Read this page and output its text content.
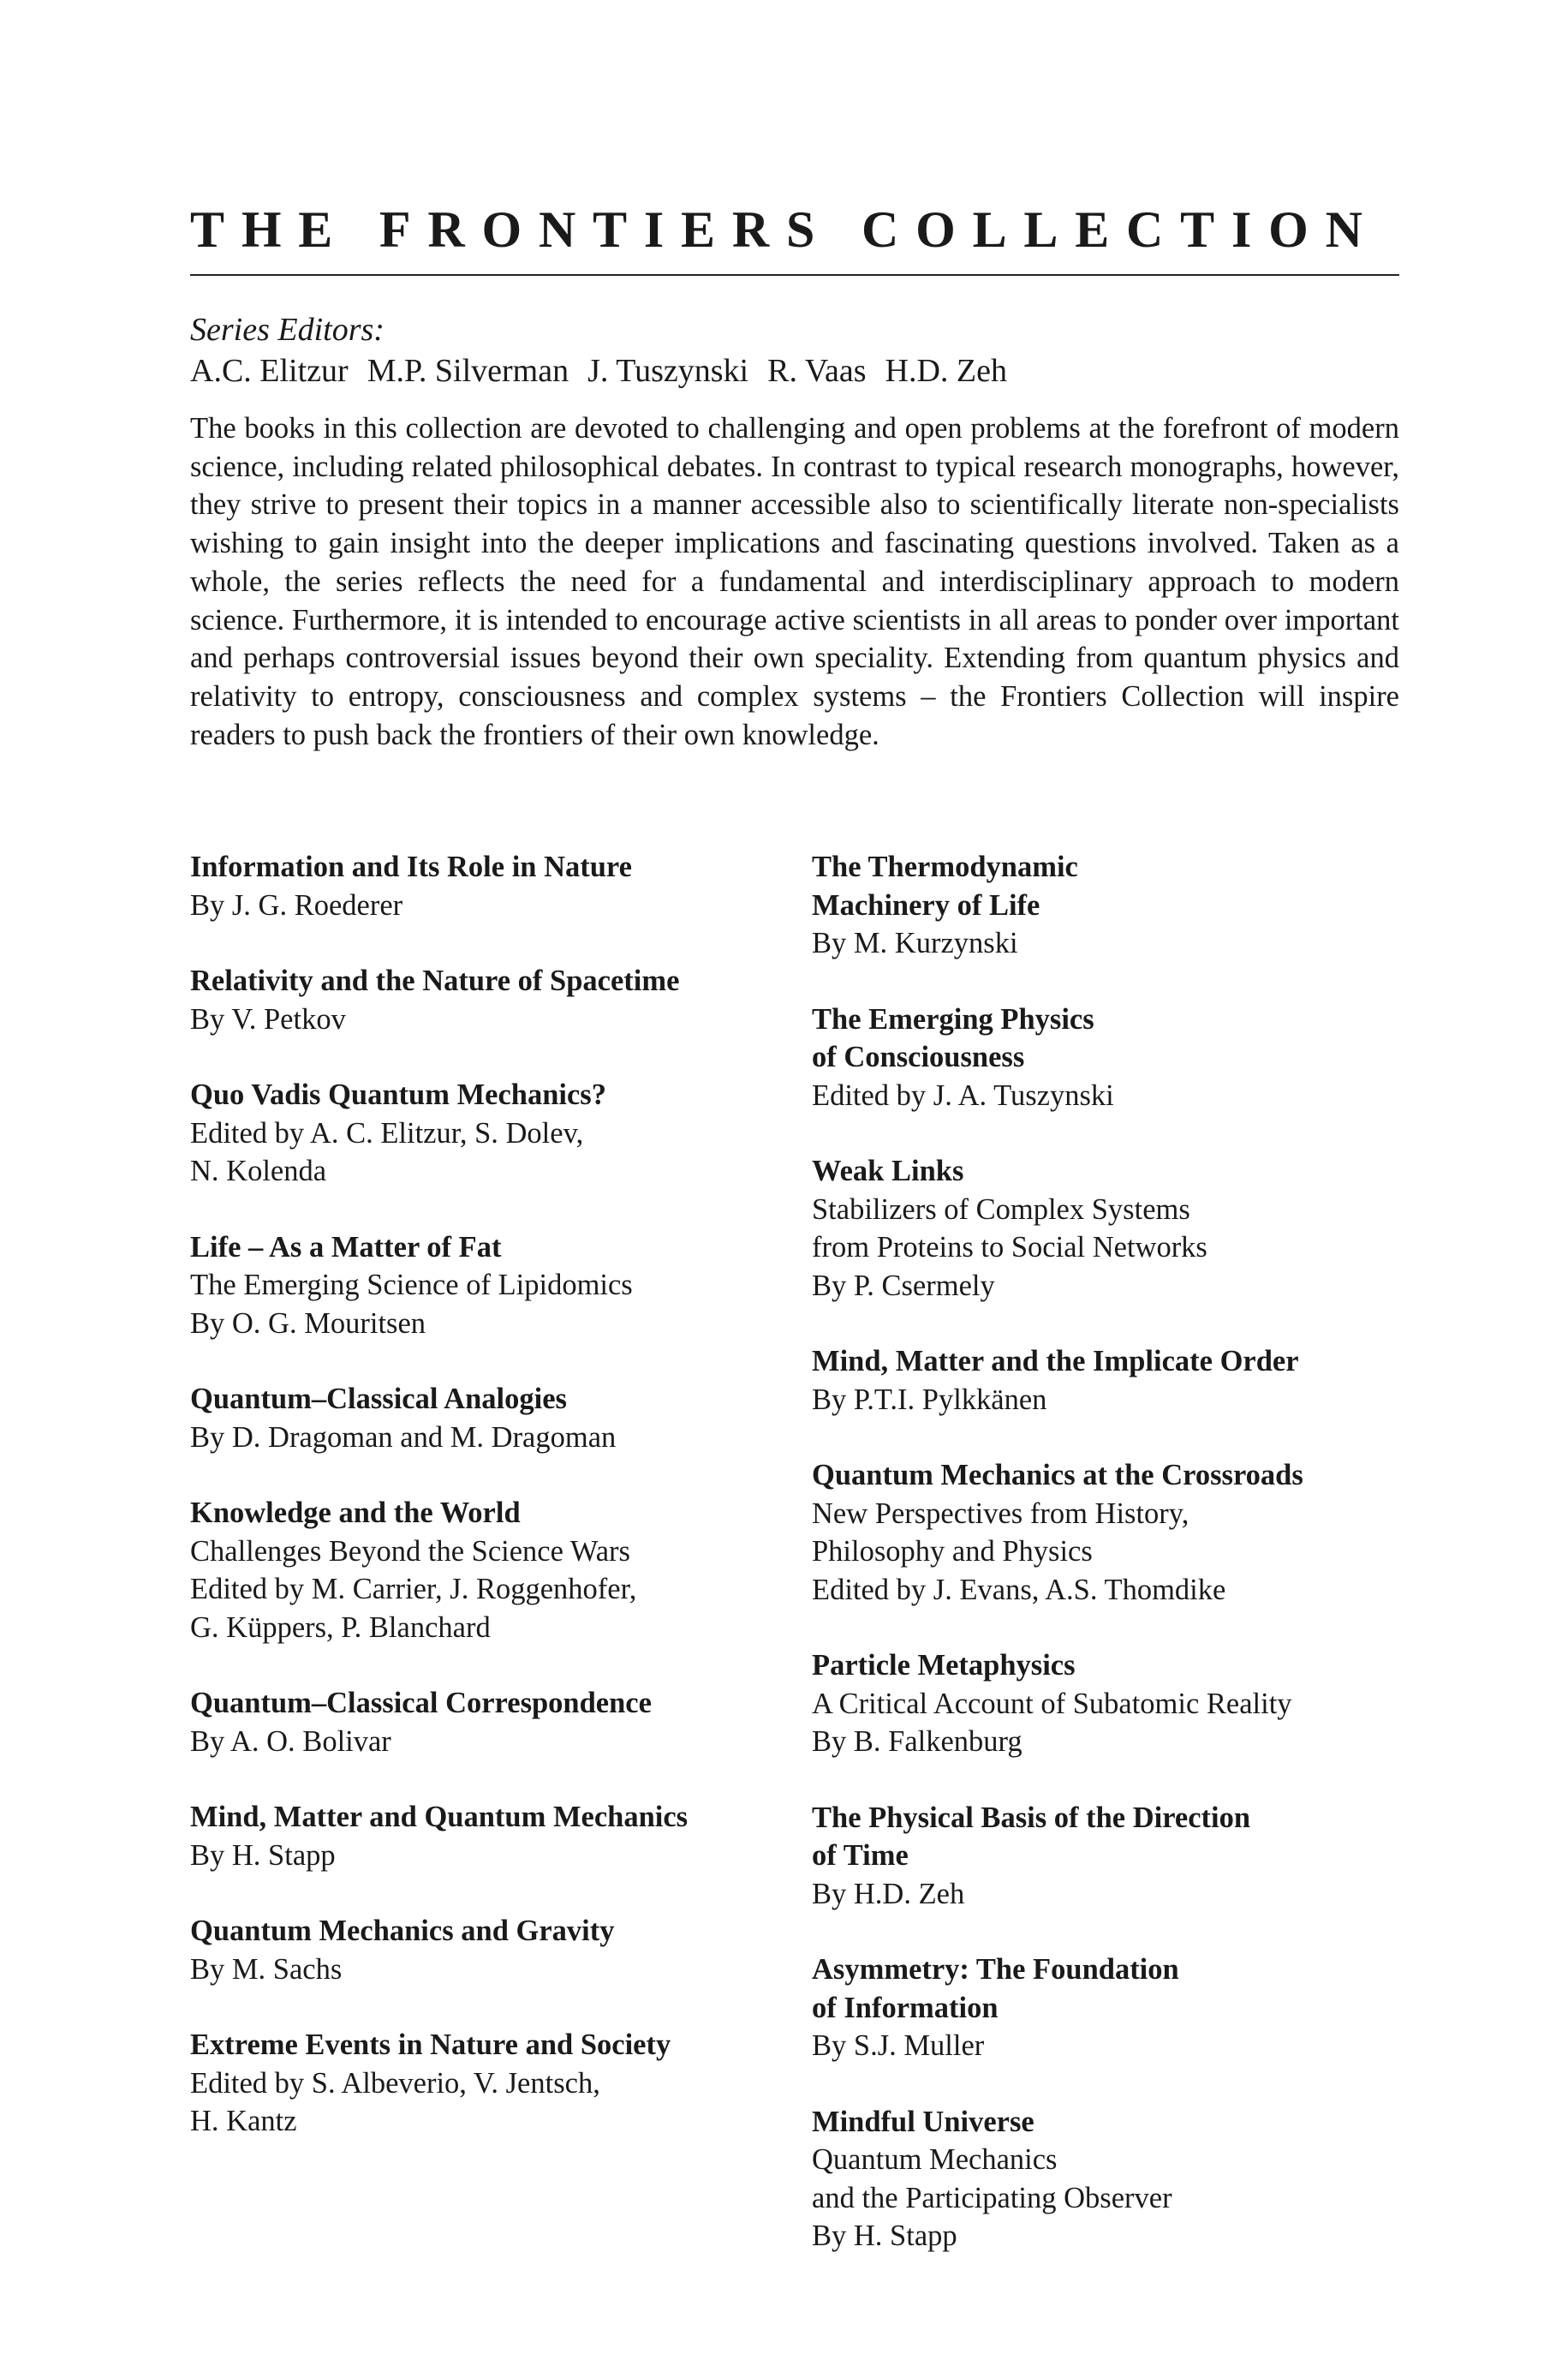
THE FRONTIERS COLLECTION

Series Editors:

A.C. Elitzur M.P. Silverman J. Tuszynski R. Vaas H.D. Zeh

The books in this collection are devoted to challenging and open problems at the forefront of modern science, including related philosophical debates. In contrast to typical research monographs, however, they strive to present their topics in a manner accessible also to scientifically literate non-specialists wishing to gain insight into the deeper implications and fascinating questions involved. Taken as a whole, the series reflects the need for a fundamental and interdisciplinary approach to modern science. Furthermore, it is intended to encourage active scientists in all areas to ponder over important and perhaps controversial issues beyond their own speciality. Extending from quantum physics and relativity to entropy, consciousness and complex systems – the Frontiers Collection will inspire readers to push back the frontiers of their own knowledge.

Information and Its Role in Nature
By J. G. Roederer
Relativity and the Nature of Spacetime
By V. Petkov
Quo Vadis Quantum Mechanics?
Edited by A. C. Elitzur, S. Dolev,
N. Kolenda
Life – As a Matter of Fat
The Emerging Science of Lipidomics
By O. G. Mouritsen
Quantum–Classical Analogies
By D. Dragoman and M. Dragoman
Knowledge and the World
Challenges Beyond the Science Wars
Edited by M. Carrier, J. Roggenhofer,
G. Küppers, P. Blanchard
Quantum–Classical Correspondence
By A. O. Bolivar
Mind, Matter and Quantum Mechanics
By H. Stapp
Quantum Mechanics and Gravity
By M. Sachs
Extreme Events in Nature and Society
Edited by S. Albeverio, V. Jentsch,
H. Kantz
The Thermodynamic
Machinery of Life
By M. Kurzynski
The Emerging Physics
of Consciousness
Edited by J. A. Tuszynski
Weak Links
Stabilizers of Complex Systems
from Proteins to Social Networks
By P. Csermely
Mind, Matter and the Implicate Order
By P.T.I. Pylkkänen
Quantum Mechanics at the Crossroads
New Perspectives from History,
Philosophy and Physics
Edited by J. Evans, A.S. Thomdike
Particle Metaphysics
A Critical Account of Subatomic Reality
By B. Falkenburg
The Physical Basis of the Direction
of Time
By H.D. Zeh
Asymmetry: The Foundation
of Information
By S.J. Muller
Mindful Universe
Quantum Mechanics
and the Participating Observer
By H. Stapp
